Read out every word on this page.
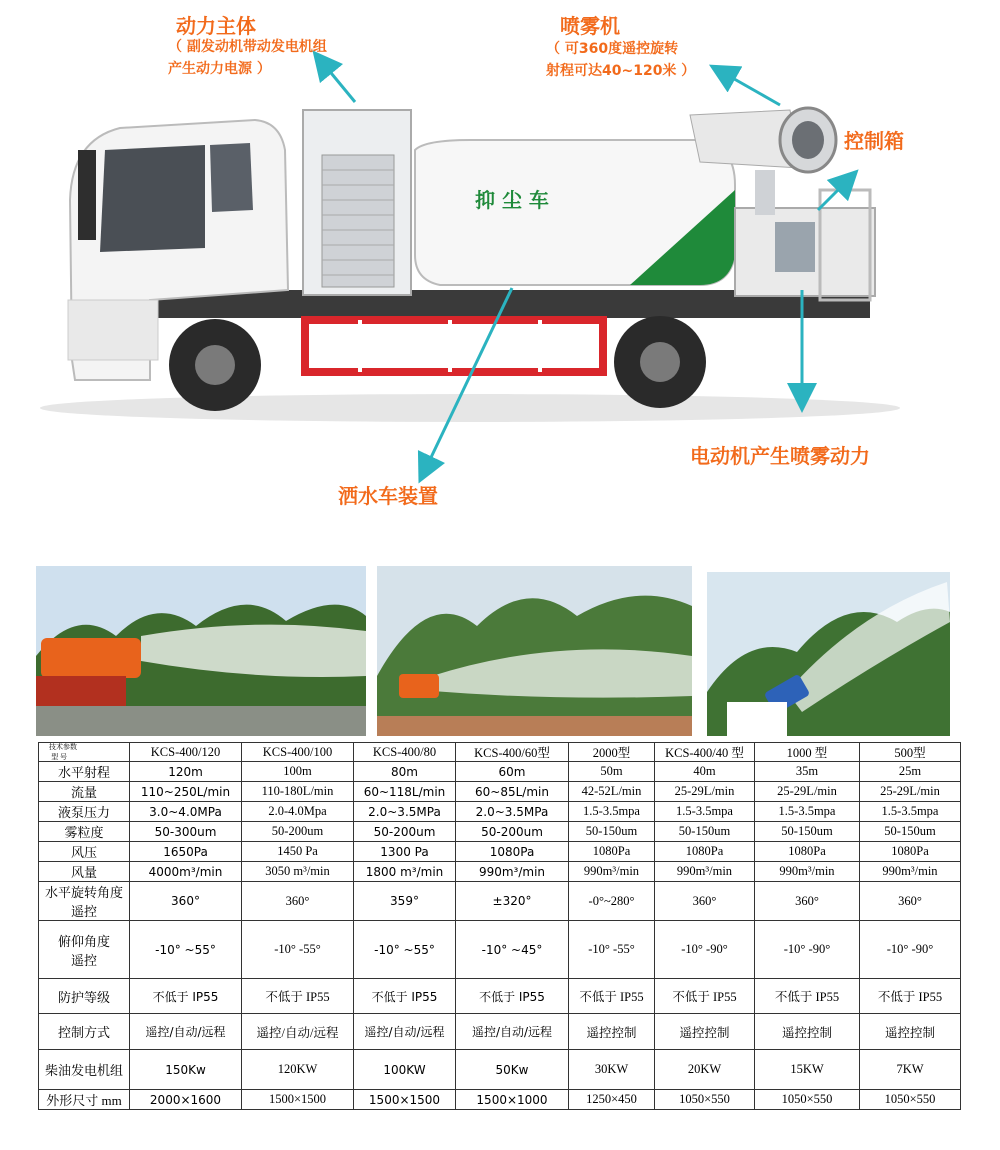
抑 尘 车
动力主体
（ 副发动机带动发电机组
产生动力电源 ）
喷雾机
（ 可360度遥控旋转
射程可达40~120米 ）
控制箱
电动机产生喷雾动力
洒水车装置
型 号
技术参数	KCS-400/120	KCS-400/100	KCS-400/80	KCS-400/60型	2000型	KCS-400/40 型	1000 型	500型
水平射程	120m	100m	80m	60m	50m	40m	35m	25m
流量	110~250L/min	110-180L/min	60~118L/min	60~85L/min	42-52L/min	25-29L/min	25-29L/min	25-29L/min
液泵压力	3.0~4.0MPa	2.0-4.0Mpa	2.0~3.5MPa	2.0~3.5MPa	1.5-3.5mpa	1.5-3.5mpa	1.5-3.5mpa	1.5-3.5mpa
雾粒度	50-300um	50-200um	50-200um	50-200um	50-150um	50-150um	50-150um	50-150um
风压	1650Pa	1450 Pa	1300 Pa	1080Pa	1080Pa	1080Pa	1080Pa	1080Pa
风量	4000m³/min	3050 m³/min	1800 m³/min	990m³/min	990m³/min	990m³/min	990m³/min	990m³/min
水平旋转角度　遥控	360°	360°	359°	±320°	-0°~280°	360°	360°	360°
俯仰角度　　遥控	-10° ~55°	-10° -55°	-10° ~55°	-10° ~45°	-10° -55°	-10° -90°	-10° -90°	-10° -90°
防护等级	不低于 IP55	不低于 IP55	不低于 IP55	不低于 IP55	不低于 IP55	不低于 IP55	不低于 IP55	不低于 IP55
控制方式	遥控/自动/远程	遥控/自动/远程	遥控/自动/远程	遥控/自动/远程	遥控控制	遥控控制	遥控控制	遥控控制
柴油发电机组	150Kw	120KW	100KW	50Kw	30KW	20KW	15KW	7KW
外形尺寸 mm	2000×1600	1500×1500	1500×1500	1500×1000	1250×450	1050×550	1050×550	1050×550
